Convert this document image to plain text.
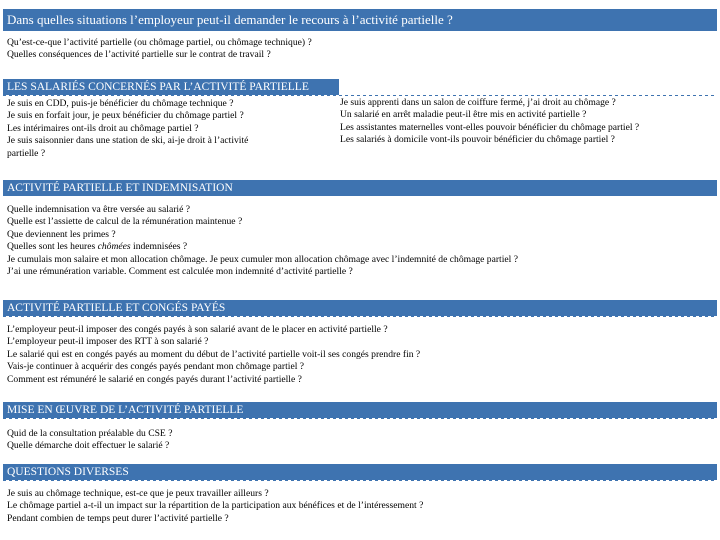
Dans quelles situations l’employeur peut-il demander le recours à l’activité partielle ?
Qu’est-ce-que l’activité partielle (ou chômage partiel, ou chômage technique) ?
Quelles conséquences de l’activité partielle sur le contrat de travail ?
LES SALARIÉS CONCERNÉS PAR L’ACTIVITÉ PARTIELLE
Je suis en CDD, puis-je bénéficier du chômage technique ?
Je suis en forfait jour, je peux bénéficier du chômage partiel ?
Les intérimaires ont-ils droit au chômage partiel ?
Je suis saisonnier dans une station de ski, ai-je droit à l’activité
partielle ?
Je suis apprenti dans un salon de coiffure fermé, j’ai droit au chômage ?
Un salarié en arrêt maladie peut-il être mis en activité partielle ?
Les assistantes maternelles vont-elles pouvoir bénéficier du chômage partiel ?
Les salariés à domicile vont-ils pouvoir bénéficier du chômage partiel ?
ACTIVITÉ PARTIELLE ET INDEMNISATION
Quelle indemnisation va être versée au salarié ?
Quelle est l’assiette de calcul de la rémunération maintenue ?
Que deviennent les primes ?
Quelles sont les heures chômées indemnisées ?
Je cumulais mon salaire et mon allocation chômage. Je peux cumuler mon allocation chômage avec l’indemnité de chômage partiel ?
J’ai une rémunération variable. Comment est calculée mon indemnité d’activité partielle ?
ACTIVITÉ PARTIELLE ET CONGÉS PAYÉS
L’employeur peut-il imposer des congés payés à son salarié avant de le placer en activité partielle ?
L’employeur peut-il imposer des RTT à son salarié ?
Le salarié qui est en congés payés au moment du début de l’activité partielle voit-il ses congés prendre fin ?
Vais-je continuer à acquérir des congés payés pendant mon chômage partiel ?
Comment est rémunéré le salarié en congés payés durant l’activité partielle ?
MISE EN ŒUVRE DE L’ACTIVITÉ PARTIELLE
Quid de la consultation préalable du CSE ?
Quelle démarche doit effectuer le salarié ?
QUESTIONS DIVERSES
Je suis au chômage technique, est-ce que je peux travailler ailleurs ?
Le chômage partiel a-t-il un impact sur la répartition de la participation aux bénéfices et de l’intéressement ?
Pendant combien de temps peut durer l’activité partielle ?
